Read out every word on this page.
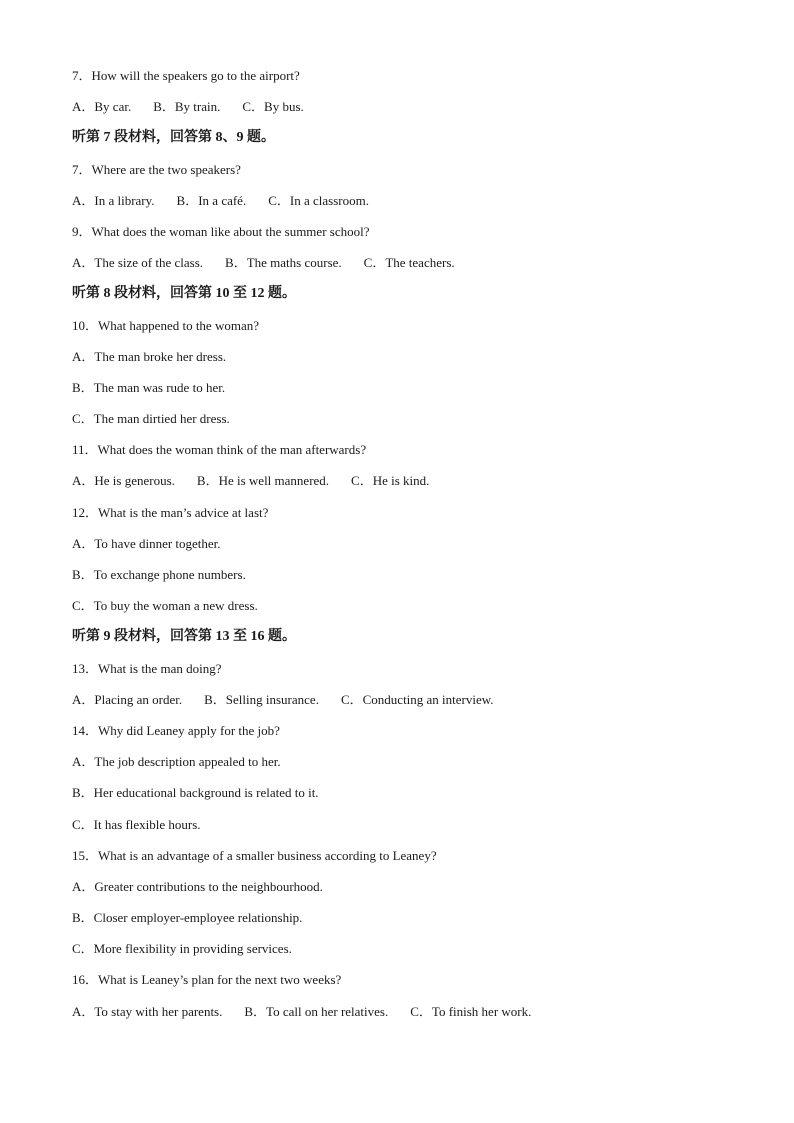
7．How will the speakers go to the airport?
A．By car. B．By train. C．By bus.
听第 7 段材料，回答第 8、9 题。
7．Where are the two speakers?
A．In a library. B．In a café. C．In a classroom.
9．What does the woman like about the summer school?
A．The size of the class. B．The maths course. C．The teachers.
听第 8 段材料，回答第 10 至 12 题。
10．What happened to the woman?
A．The man broke her dress.
B．The man was rude to her.
C．The man dirtied her dress.
11．What does the woman think of the man afterwards?
A．He is generous. B．He is well mannered. C．He is kind.
12．What is the man’s advice at last?
A．To have dinner together.
B．To exchange phone numbers.
C．To buy the woman a new dress.
听第 9 段材料，回答第 13 至 16 题。
13．What is the man doing?
A．Placing an order. B．Selling insurance. C．Conducting an interview.
14．Why did Leaney apply for the job?
A．The job description appealed to her.
B．Her educational background is related to it.
C．It has flexible hours.
15．What is an advantage of a smaller business according to Leaney?
A．Greater contributions to the neighbourhood.
B．Closer employer-employee relationship.
C．More flexibility in providing services.
16．What is Leaney’s plan for the next two weeks?
A．To stay with her parents. B．To call on her relatives. C．To finish her work.
